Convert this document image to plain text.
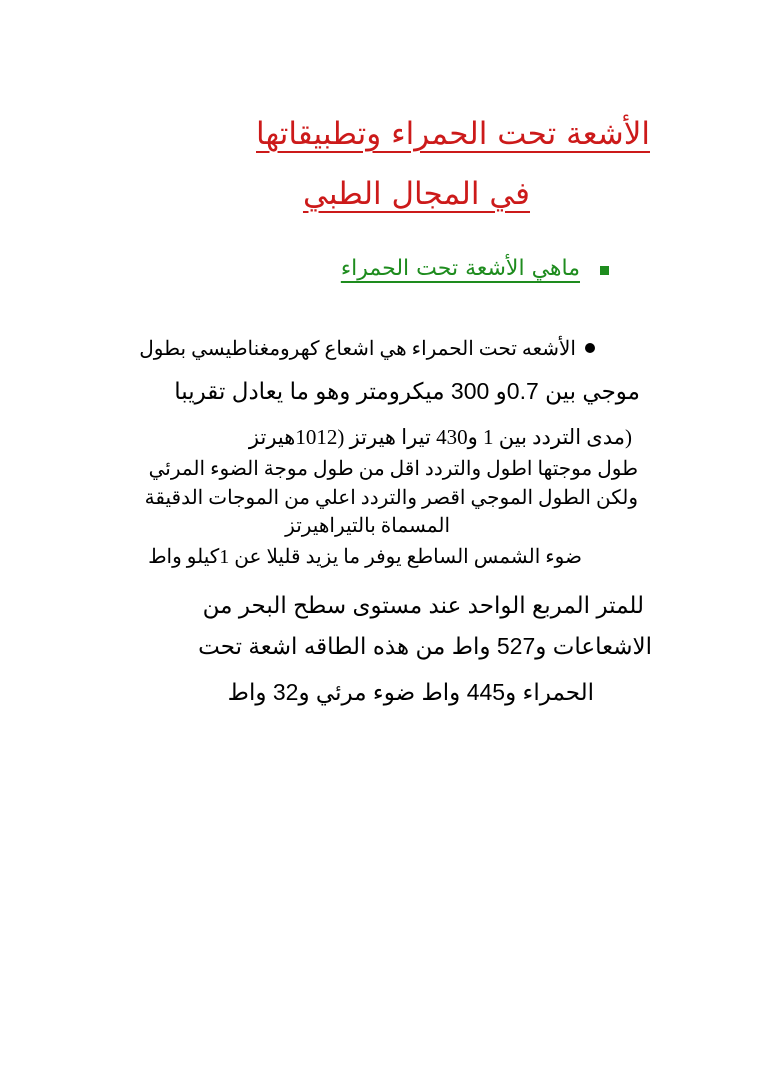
الأشعة تحت الحمراء وتطبيقاتها
في المجال الطبي
ماهي الأشعة تحت الحمراء
الأشعه تحت الحمراء هي اشعاع كهرومغناطيسي بطول
موجي بين 0.7و 300 ميكرومتر وهو ما يعادل تقريبا
(مدى التردد بين 1 و430 تيرا هيرتز (1012هيرتز
طول موجتها اطول والتردد اقل من طول موجة الضوء المرئي
ولكن الطول الموجي اقصر والتردد اعلي من الموجات الدقيقة
المسماة بالتيراهيرتز
ضوء الشمس الساطع يوفر ما يزيد قليلا عن 1كيلو واط
للمتر المربع الواحد عند مستوى سطح البحر من
الاشعاعات و527 واط من هذه الطاقه اشعة تحت
الحمراء و445 واط ضوء مرئي و32 واط
